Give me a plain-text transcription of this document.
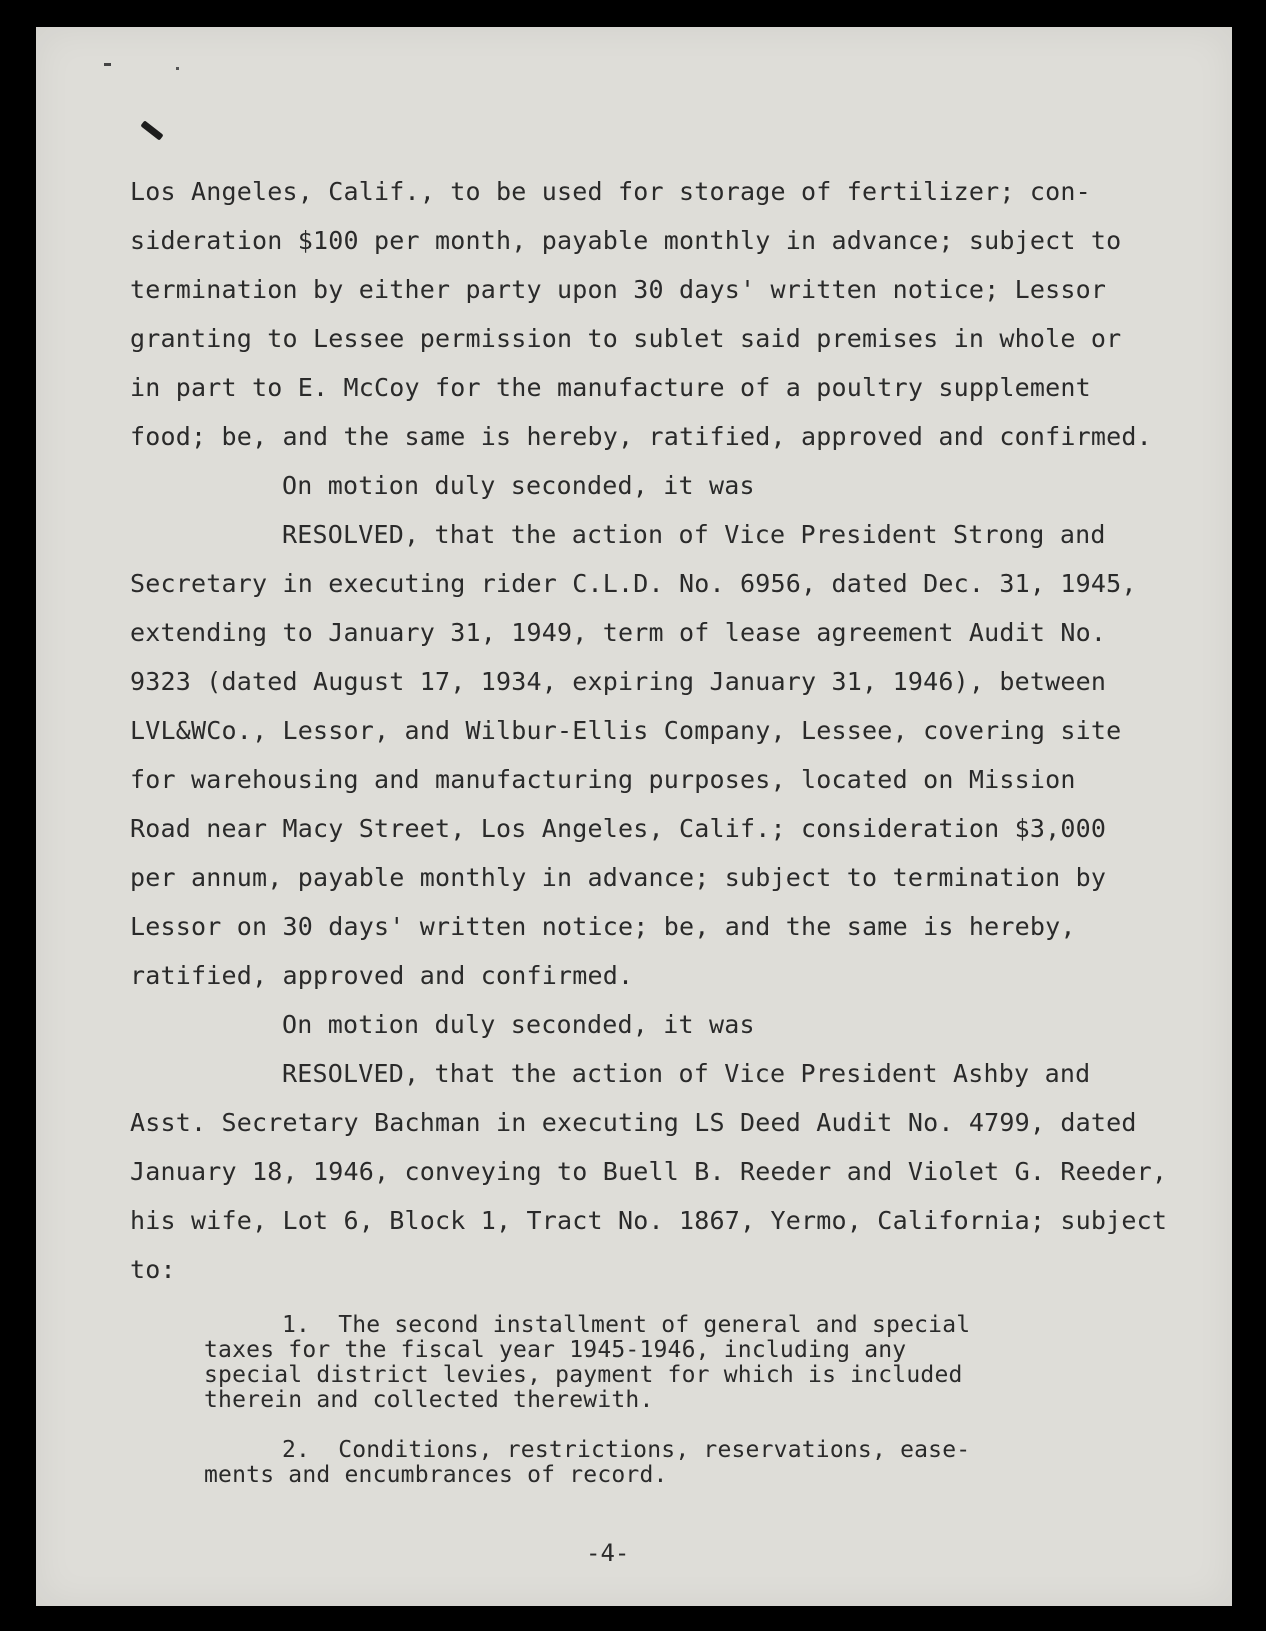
Los Angeles, Calif., to be used for storage of fertilizer; con-
sideration $100 per month, payable monthly in advance; subject to
termination by either party upon 30 days' written notice; Lessor
granting to Lessee permission to sublet said premises in whole or
in part to E. McCoy for the manufacture of a poultry supplement
food; be, and the same is hereby, ratified, approved and confirmed.
On motion duly seconded, it was
RESOLVED, that the action of Vice President Strong and
Secretary in executing rider C.L.D. No. 6956, dated Dec. 31, 1945,
extending to January 31, 1949, term of lease agreement Audit No.
9323 (dated August 17, 1934, expiring January 31, 1946), between
LVL&WCo., Lessor, and Wilbur-Ellis Company, Lessee, covering site
for warehousing and manufacturing purposes, located on Mission
Road near Macy Street, Los Angeles, Calif.; consideration $3,000
per annum, payable monthly in advance; subject to termination by
Lessor on 30 days' written notice; be, and the same is hereby,
ratified, approved and confirmed.
On motion duly seconded, it was
RESOLVED, that the action of Vice President Ashby and
Asst. Secretary Bachman in executing LS Deed Audit No. 4799, dated
January 18, 1946, conveying to Buell B. Reeder and Violet G. Reeder,
his wife, Lot 6, Block 1, Tract No. 1867, Yermo, California; subject
to:
1.  The second installment of general and special
taxes for the fiscal year 1945-1946, including any
special district levies, payment for which is included
therein and collected therewith.
2.  Conditions, restrictions, reservations, ease-
ments and encumbrances of record.
-4-
